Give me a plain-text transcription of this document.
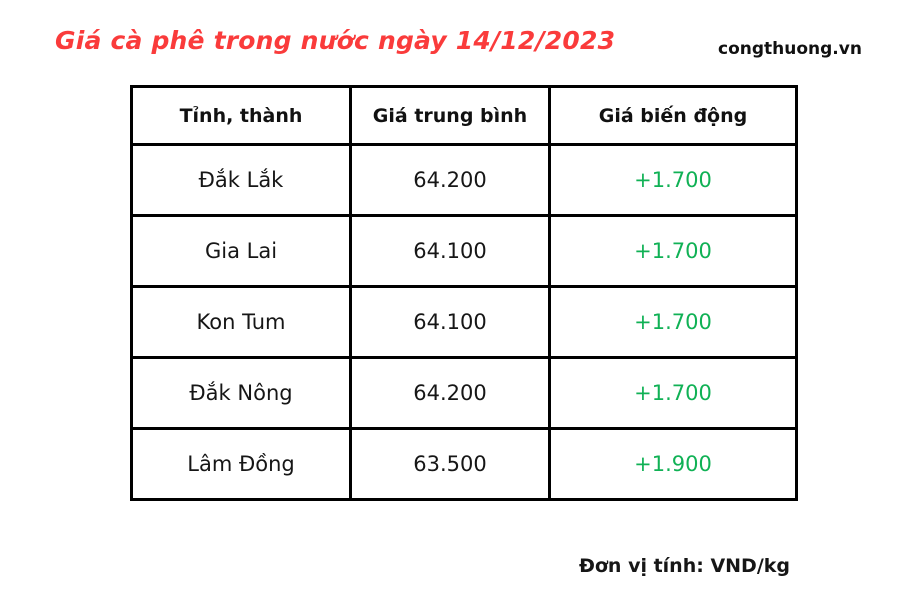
Giá cà phê trong nước ngày 14/12/2023	congthuong.vn
Tỉnh, thành	Giá trung bình	Giá biến động
Đắk Lắk	64.200	+1.700
Gia Lai	64.100	+1.700
Kon Tum	64.100	+1.700
Đắk Nông	64.200	+1.700
Lâm Đồng	63.500	+1.900
Đơn vị tính: VND/kg
